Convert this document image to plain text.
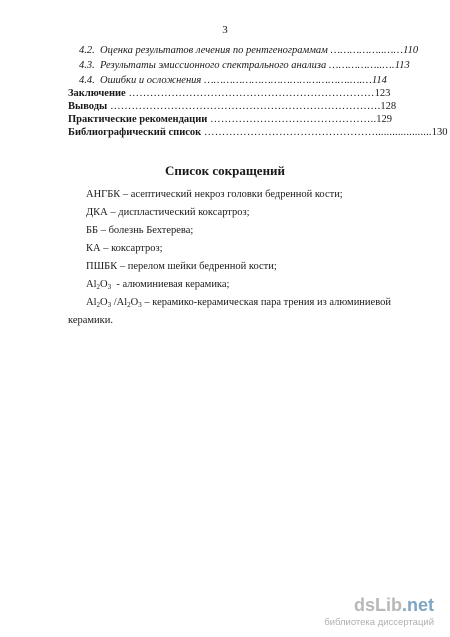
3
4.2. Оценка результатов лечения по рентгенограммам ……………..……110
4.3. Результаты эмиссионного спектрального анализа ……………..….113
4.4. Ошибки и осложнения ……………………………………….….…114
Заключение ……………………………………………………………123
Выводы ………………………………………………………………….128
Практические рекомендации ………………………………………..129
Библиографический список …………………………………………....................130
Список сокращений
АНГБК – асептический некроз головки бедренной кости;
ДКА – диспластический коксартроз;
ББ – болезнь Бехтерева;
КА – коксартроз;
ПШБК – перелом шейки бедренной кости;
$Al_2O_3$  - алюминиевая керамика;
$Al_2O_3$ $/Al_2O_3$ – керамико-керамическая пара трения из алюминиевой
керамики.
dsLib.net
библиотека диссертаций
